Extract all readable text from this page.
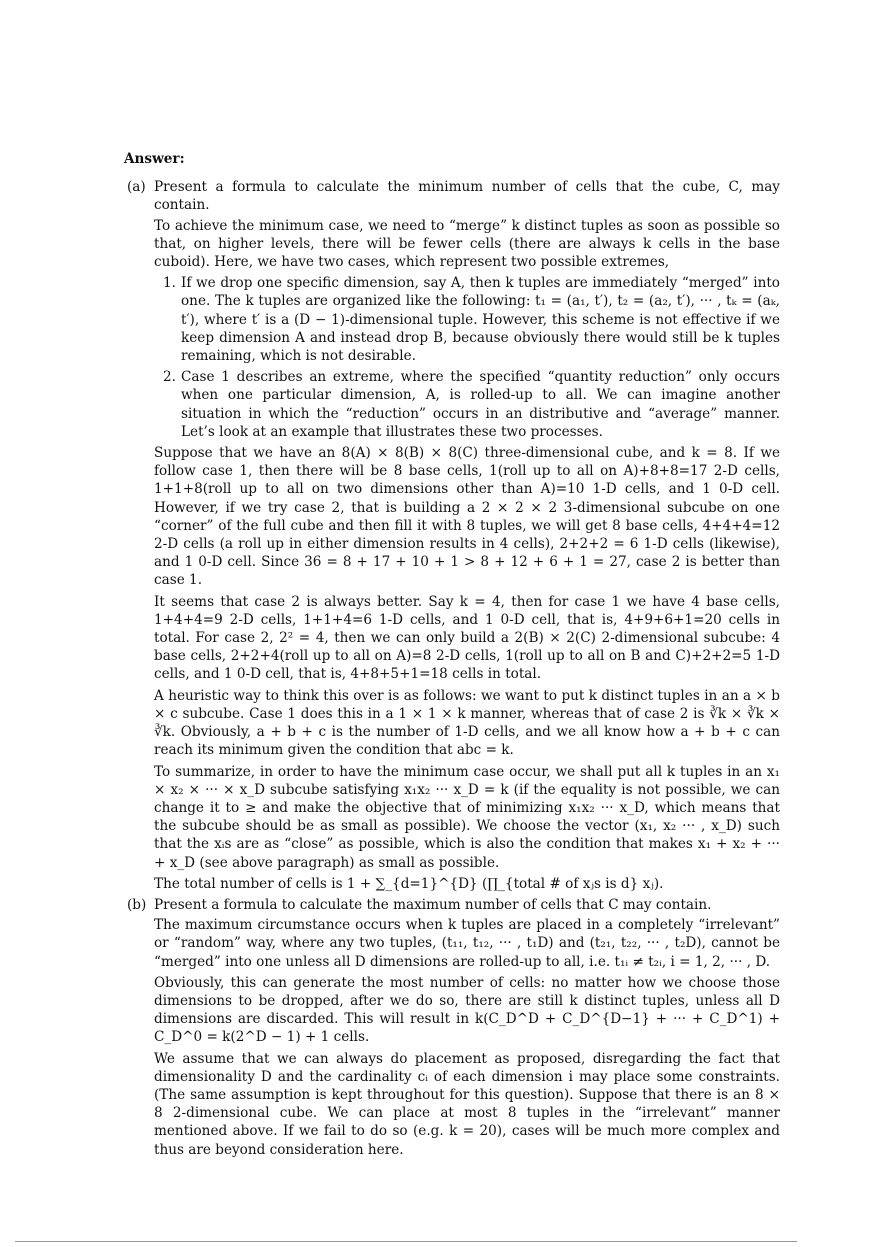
Answer:
(a) Present a formula to calculate the minimum number of cells that the cube, C, may contain.

To achieve the minimum case, we need to “merge” k distinct tuples as soon as possible so that, on higher levels, there will be fewer cells (there are always k cells in the base cuboid). Here, we have two cases, which represent two possible extremes,

1. If we drop one specific dimension, say A, then k tuples are immediately “merged” into one. The k tuples are organized like the following: t₁ = (a₁, t′), t₂ = (a₂, t′), ··· , tₖ = (aₖ, t′), where t′ is a (D − 1)-dimensional tuple. However, this scheme is not effective if we keep dimension A and instead drop B, because obviously there would still be k tuples remaining, which is not desirable.
2. Case 1 describes an extreme, where the specified “quantity reduction” only occurs when one particular dimension, A, is rolled-up to all. We can imagine another situation in which the “reduction” occurs in an distributive and “average” manner. Let’s look at an example that illustrates these two processes.

Suppose that we have an 8(A) × 8(B) × 8(C) three-dimensional cube, and k = 8. If we follow case 1, then there will be 8 base cells, 1(roll up to all on A)+8+8=17 2-D cells, 1+1+8(roll up to all on two dimensions other than A)=10 1-D cells, and 1 0-D cell. However, if we try case 2, that is building a 2 × 2 × 2 3-dimensional subcube on one “corner” of the full cube and then fill it with 8 tuples, we will get 8 base cells, 4+4+4=12 2-D cells (a roll up in either dimension results in 4 cells), 2+2+2 = 6 1-D cells (likewise), and 1 0-D cell. Since 36 = 8 + 17 + 10 + 1 > 8 + 12 + 6 + 1 = 27, case 2 is better than case 1.

It seems that case 2 is always better. Say k = 4, then for case 1 we have 4 base cells, 1+4+4=9 2-D cells, 1+1+4=6 1-D cells, and 1 0-D cell, that is, 4+9+6+1=20 cells in total. For case 2, 2² = 4, then we can only build a 2(B) × 2(C) 2-dimensional subcube: 4 base cells, 2+2+4(roll up to all on A)=8 2-D cells, 1(roll up to all on B and C)+2+2=5 1-D cells, and 1 0-D cell, that is, 4+8+5+1=18 cells in total.

A heuristic way to think this over is as follows: we want to put k distinct tuples in an a × b × c subcube. Case 1 does this in a 1 × 1 × k manner, whereas that of case 2 is ∛k × ∛k × ∛k. Obviously, a + b + c is the number of 1-D cells, and we all know how a + b + c can reach its minimum given the condition that abc = k.

To summarize, in order to have the minimum case occur, we shall put all k tuples in an x₁ × x₂ × ··· × x_D subcube satisfying x₁x₂ ··· x_D = k (if the equality is not possible, we can change it to ≥ and make the objective that of minimizing x₁x₂ ··· x_D, which means that the subcube should be as small as possible). We choose the vector (x₁, x₂ ··· , x_D) such that the xᵢs are as “close” as possible, which is also the condition that makes x₁ + x₂ + ··· + x_D (see above paragraph) as small as possible.

The total number of cells is 1 + ∑_{d=1}^{D} (∏_{total # of xⱼs is d} xⱼ).

(b) Present a formula to calculate the maximum number of cells that C may contain.

The maximum circumstance occurs when k tuples are placed in a completely “irrelevant” or “random” way, where any two tuples, (t₁₁, t₁₂, ··· , t₁D) and (t₂₁, t₂₂, ··· , t₂D), cannot be “merged” into one unless all D dimensions are rolled-up to all, i.e. t₁ᵢ ≠ t₂ᵢ, i = 1, 2, ··· , D.

Obviously, this can generate the most number of cells: no matter how we choose those dimensions to be dropped, after we do so, there are still k distinct tuples, unless all D dimensions are discarded. This will result in k(C_D^D + C_D^{D−1} + ··· + C_D^1) + C_D^0 = k(2^D − 1) + 1 cells.

We assume that we can always do placement as proposed, disregarding the fact that dimensionality D and the cardinality cᵢ of each dimension i may place some constraints. (The same assumption is kept throughout for this question). Suppose that there is an 8 × 8 2-dimensional cube. We can place at most 8 tuples in the “irrelevant” manner mentioned above. If we fail to do so (e.g. k = 20), cases will be much more complex and thus are beyond consideration here.
